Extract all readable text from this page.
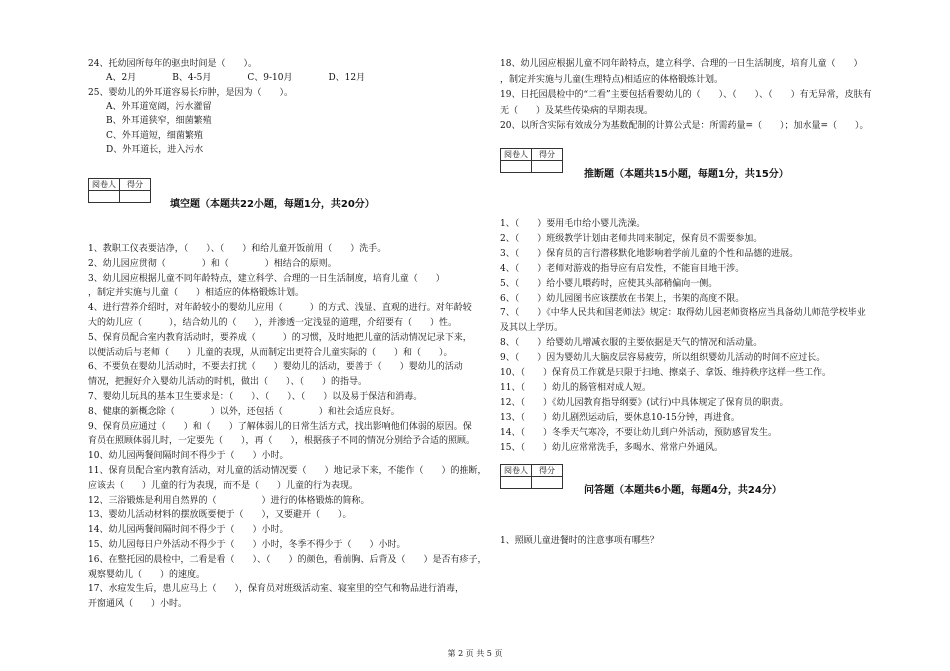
24、托幼园所每年的驱虫时间是（　　）。
A、2月　　　　B、4-5月　　　　C、9-10月　　　　D、12月
25、婴幼儿的外耳道容易长疖肿，是因为（　　）。
A、外耳道宽阔，污水灌留
B、外耳道狭窄，细菌繁殖
C、外耳道短，细菌繁殖
D、外耳道长，进入污水
阅卷人	得分

填空题（本题共22小题，每题1分，共20分）
1、教职工仪表要洁净，（　　）、（　　）和给儿童开饭前用（　　）洗手。
2、幼儿园应贯彻（　　　　）和（　　　　）相结合的原则。
3、幼儿园应根据儿童不同年龄特点，建立科学、合理的一日生活制度，培育儿童（　　）
，制定并实施与儿童（　　）相适应的体格锻炼计划。
4、进行营养介绍时，对年龄较小的婴幼儿应用（　　　）的方式、浅显、直观的进行。对年龄较
大的幼儿应（　　　），结合幼儿的（　　），并渗透一定浅显的道理，介绍要有（　　）性。
5、保育员配合室内教育活动时，要养成（　　　）的习惯，及时地把儿童的活动情况记录下来，
以便活动后与老师（　　）儿童的表现，从而制定出更符合儿童实际的（　　）和（　　）。
6、不要负在婴幼儿活动时，不要去打扰（　　）婴幼儿的活动，要善于（　　）婴幼儿的活动
情况，把握好介入婴幼儿活动的时机，做出（　　）、（　　）的指导。
7、婴幼儿玩具的基本卫生要求是：（　　）、（　　）、（　　）以及易于保洁和消毒。
8、健康的新概念除（　　　　）以外，还包括（　　　　）和社会适应良好。
9、保育员应通过（　　）和（　　）了解体弱儿的日常生活方式，找出影响他们体弱的原因。保
育员在照顾体弱儿时，一定要先（　　），再（　　），根据孩子不同的情况分别给予合适的照顾。
10、幼儿园两餐间隔时间不得少于（　　）小时。
11、保育员配合室内教育活动，对儿童的活动情况要（　　）地记录下来，不能作（　　）的推断，
应该去（　　）儿童的行为表现，而不是（　　）儿童的行为表现。
12、三浴锻炼是利用自然界的（　　　　　）进行的体格锻炼的简称。
13、婴幼儿活动材料的摆放既要便于（　　），又要避开（　　）。
14、幼儿园两餐间隔时间不得少于（　　）小时。
15、幼儿园每日户外活动不得少于（　　）小时，冬季不得少于（　　）小时。
16、在整托园的晨检中，二看是看（　　）、（　　）的颜色，看前胸、后背及（　　）是否有疹子，
观察婴幼儿（　　）的速度。
17、水痘发生后，患儿应马上（　　），保育员对班级活动室、寝室里的空气和物品进行消毒，
开窗通风（　　）小时。
18、幼儿园应根据儿童不同年龄特点，建立科学、合理的一日生活制度，培育儿童（　　）
，制定并实施与儿童(生理特点)相适应的体格锻炼计划。
19、日托园晨检中的“二看”主要包括看婴幼儿的（　　）、（　　）、（　　）有无异常，皮肤有
无（　　）及某些传染病的早期表现。
20、以所含实际有效成分为基数配制的计算公式是：所需药量=（　　）；加水量=（　　）。
阅卷人	得分

推断题（本题共15小题，每题1分，共15分）
1、（　　）要用毛巾给小婴儿洗澡。
2、（　　）班级教学计划由老师共同来制定，保育员不需要参加。
3、（　　）保育员的言行潜移默化地影响着学前儿童的个性和品德的进展。
4、（　　）老师对游戏的指导应有启发性，不能盲目地干涉。
5、（　　）给小婴儿喂药时，应使其头部稍偏向一侧。
6、（　　）幼儿园图书应该摆放在书架上，书架的高度不限。
7、（　　）《中华人民共和国老师法》规定：取得幼儿园老师资格应当具备幼儿师范学校毕业
及其以上学历。
8、（　　）给婴幼儿增减衣服的主要依据是天气的情况和活动量。
9、（　　）因为婴幼儿大脑皮层容易疲劳，所以组织婴幼儿活动的时间不应过长。
10、（　　）保育员工作就是只限于扫地、擦桌子、拿饭、维持秩序这样一些工作。
11、（　　）幼儿的肠管相对成人短。
12、（　　）《幼儿园教育指导纲要》(试行)中具体规定了保育员的职责。
13、（　　）幼儿剧烈运动后，要休息10-15分钟，再进食。
14、（　　）冬季天气寒冷，不要让幼儿到户外活动，预防感冒发生。
15、（　　）幼儿应常常洗手，多喝水、常常户外通风。
阅卷人	得分

问答题（本题共6小题，每题4分，共24分）
1、照顾儿童进餐时的注意事项有哪些？
第 2 页 共 5 页
